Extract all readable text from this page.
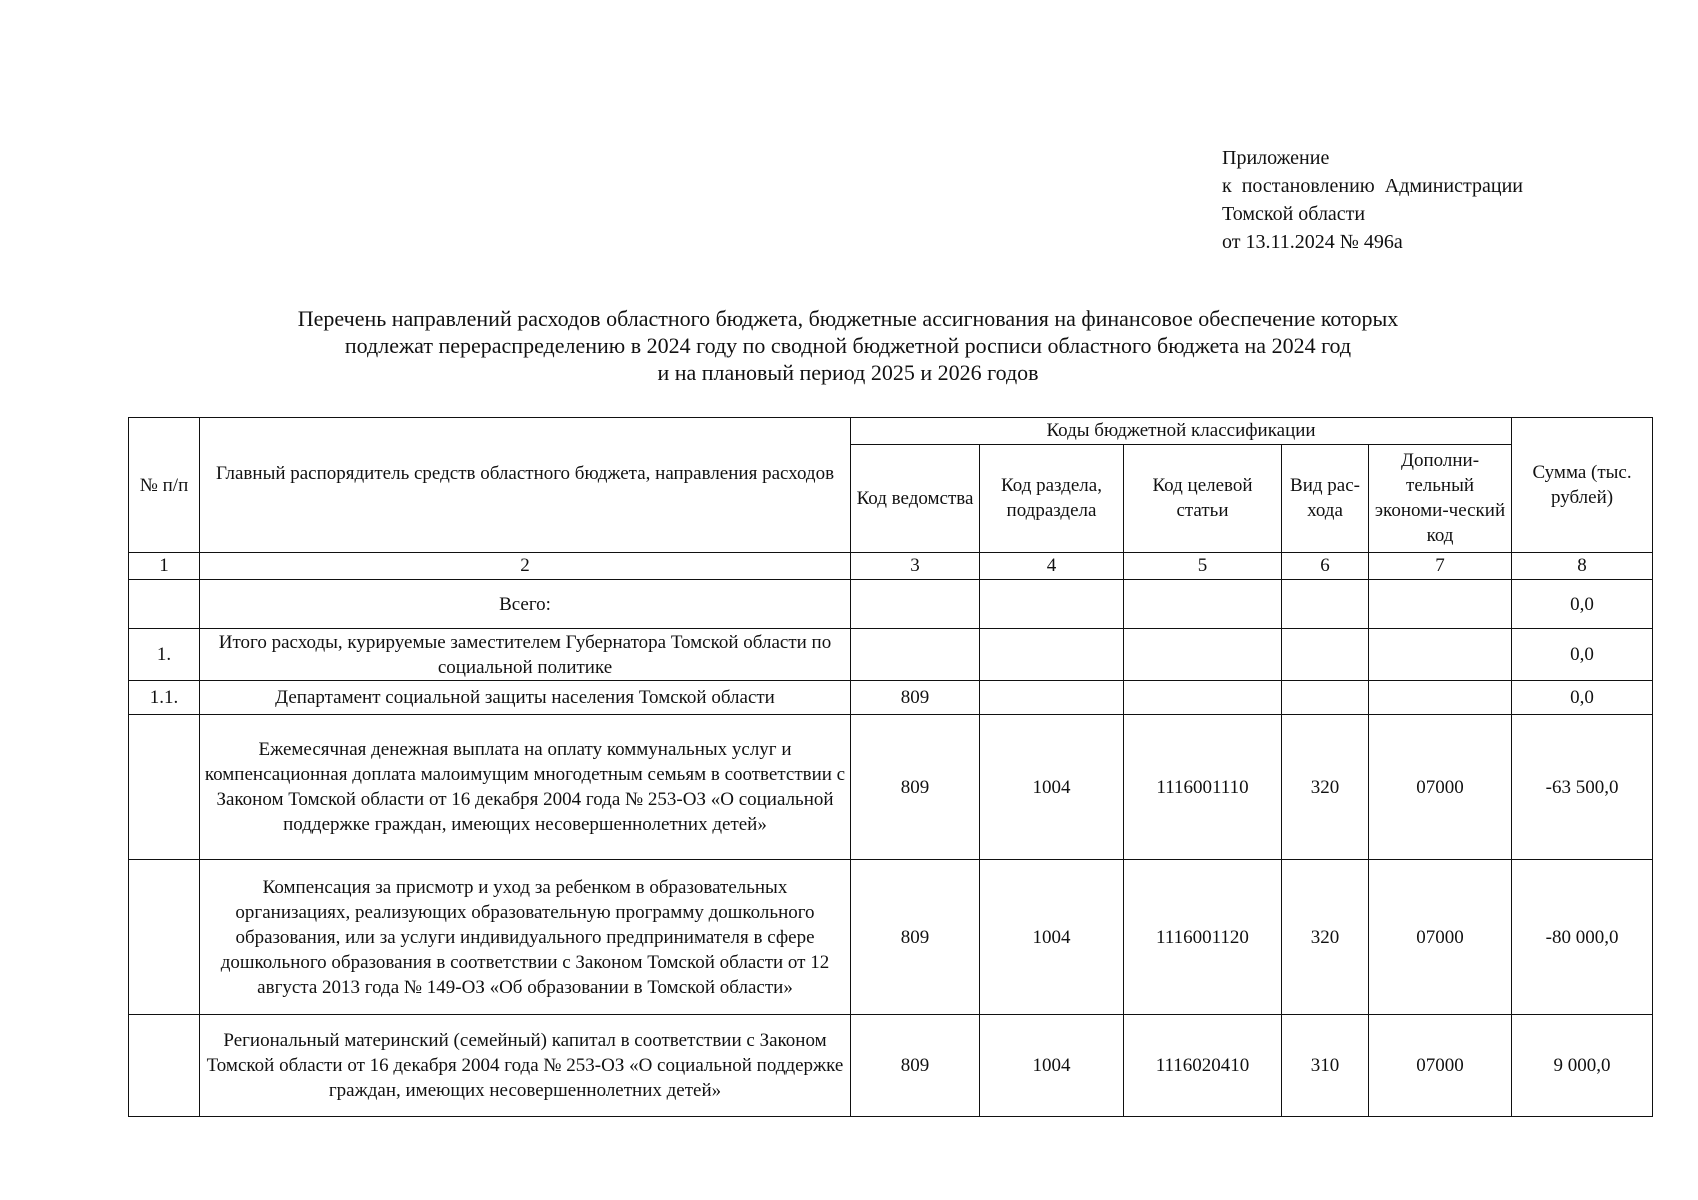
Приложение
к  постановлению  Администрации
Томской области
от 13.11.2024 № 496а
Перечень направлений расходов областного бюджета, бюджетные ассигнования на финансовое обеспечение которых
подлежат перераспределению в 2024 году по сводной бюджетной росписи областного бюджета на 2024 год
и на плановый период 2025 и 2026 годов
№ п/п	Главный распорядитель средств областного бюджета, направления расходов	Коды бюджетной классификации					Сумма (тыс. рублей)
		Код ведомства	Код раздела, подраздела	Код целевой статьи	Вид рас-хода	Дополни-тельный экономи-ческий код	
1	2	3	4	5	6	7	8
	Всего:						0,0
1.	Итого расходы, курируемые заместителем Губернатора Томской области по социальной политике						0,0
1.1.	Департамент социальной защиты населения Томской области	809					0,0
	Ежемесячная денежная выплата на оплату коммунальных услуг и компенсационная доплата малоимущим многодетным семьям в соответствии с Законом Томской области от 16 декабря 2004 года № 253-ОЗ «О социальной поддержке граждан, имеющих несовершеннолетних детей»	809	1004	1116001110	320	07000	-63 500,0
	Компенсация за присмотр и уход за ребенком в образовательных организациях, реализующих образовательную программу дошкольного образования, или за услуги индивидуального предпринимателя в сфере дошкольного образования в соответствии с Законом Томской области от 12 августа 2013 года № 149-ОЗ «Об образовании в Томской области»	809	1004	1116001120	320	07000	-80 000,0
	Региональный материнский (семейный) капитал в соответствии с Законом Томской области от 16 декабря 2004 года № 253-ОЗ «О социальной поддержке граждан, имеющих несовершеннолетних детей»	809	1004	1116020410	310	07000	9 000,0
